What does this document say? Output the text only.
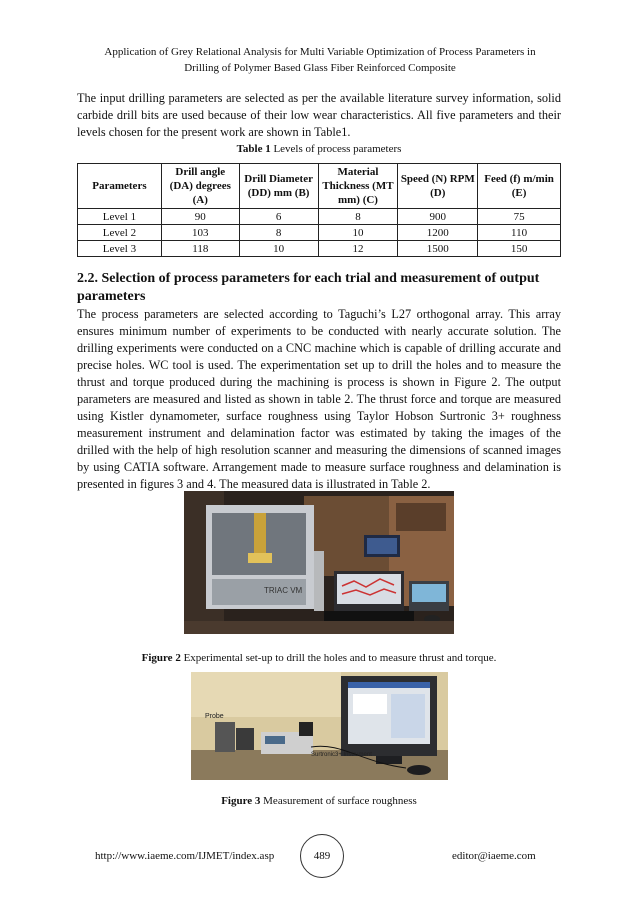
Application of Grey Relational Analysis for Multi Variable Optimization of Process Parameters in
Drilling of Polymer Based Glass Fiber Reinforced Composite

The input drilling parameters are selected as per the available literature survey information, solid carbide drill bits are used because of their low wear characteristics. All five parameters and their levels chosen for the present work are shown in Table1.

Table 1 Levels of process parameters

Parameters	Drill angle (DA) degrees (A)	Drill Diameter (DD) mm (B)	Material Thickness (MT mm) (C)	Speed (N) RPM (D)	Feed (f) m/min (E)
Level 1	90	6	8	900	75
Level 2	103	8	10	1200	110
Level 3	118	10	12	1500	150
2.2. Selection of process parameters for each trial and measurement of output parameters

The process parameters are selected according to Taguchi’s L27 orthogonal array. This array ensures minimum number of experiments to be conducted with nearly accurate solution. The drilling experiments were conducted on a CNC machine which is capable of drilling accurate and precise holes. WC tool is used. The experimentation set up to drill the holes and to measure the thrust and torque produced during the machining is process is shown in Figure 2. The output parameters are measured and listed as shown in table 2. The thrust force and torque are measured using Kistler dynamometer, surface roughness using Taylor Hobson Surtronic 3+ roughness measurement instrument and delamination factor was estimated by taking the images of the drilled with the help of high resolution scanner and measuring the dimensions of scanned images by using CATIA software. Arrangement made to measure surface roughness and delamination is presented in figures 3 and 4. The measured data is illustrated in Table 2.

TRIAC VM

Figure 2 Experimental set-up to drill the holes and to measure thrust and torque.

Probe
Surtronic3+ Instrument

Figure 3 Measurement of surface roughness

http://www.iaeme.com/IJMET/index.asp	489	editor@iaeme.com
